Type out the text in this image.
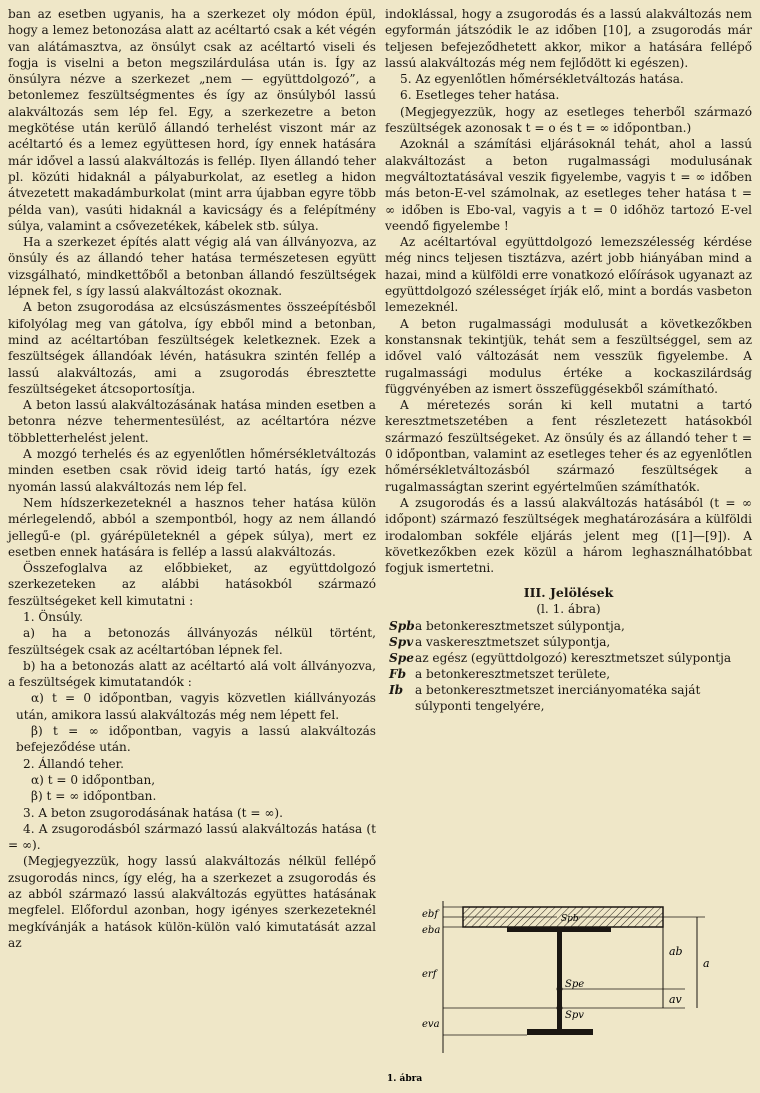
ban az esetben ugyanis, ha a szerkezet oly módon épül, hogy a lemez betonozása alatt az acéltartó csak a két végén van alátámasztva, az önsúlyt csak az acéltartó viseli és fogja is viselni a beton megszilárdulása után is. Így az önsúlyra nézve a szerkezet „nem — együttdolgozó”, a betonlemez feszültségmentes és így az önsúlyból lassú alakváltozás sem lép fel. Egy, a szerkezetre a beton megkötése után kerülő állandó terhelést viszont már az acéltartó és a lemez együttesen hord, így ennek hatására már idővel a lassú alakváltozás is fellép. Ilyen állandó teher pl. közúti hidaknál a pályaburkolat, az esetleg a hidon átvezetett makadámburkolat (mint arra újabban egyre több példa van), vasúti hidaknál a kavicságy és a felépítmény súlya, valamint a csővezetékek, kábelek stb. súlya.

Ha a szerkezet építés alatt végig alá van állványozva, az önsúly és az állandó teher hatása természetesen együtt vizsgálható, mindkettőből a betonban állandó feszültségek lépnek fel, s így lassú alakváltozást okoznak.

A beton zsugorodása az elcsúszásmentes összeépítésből kifolyólag meg van gátolva, így ebből mind a betonban, mind az acéltartóban feszültségek keletkeznek. Ezek a feszültségek állandóak lévén, hatásukra szintén fellép a lassú alakváltozás, ami a zsugorodás ébresztette feszültségeket átcsoportosítja.

A beton lassú alakváltozásának hatása minden esetben a betonra nézve tehermentesülést, az acéltartóra nézve többletterhelést jelent.

A mozgó terhelés és az egyenlőtlen hőmérsékletváltozás minden esetben csak rövid ideig tartó hatás, így ezek nyomán lassú alakváltozás nem lép fel.

Nem hídszerkezeteknél a hasznos teher hatása külön mérlegelendő, abból a szempontból, hogy az nem állandó jellegű-e (pl. gyárépületeknél a gépek súlya), mert ez esetben ennek hatására is fellép a lassú alakváltozás.

Összefoglalva az előbbieket, az együttdolgozó szerkezeteken az alábbi hatásokból származó feszültségeket kell kimutatni :

1. Önsúly.

a) ha a betonozás állványozás nélkül történt, feszültségek csak az acéltartóban lépnek fel.

b) ha a betonozás alatt az acéltartó alá volt állványozva, a feszültségek kimutatandók :

α) t = 0 időpontban, vagyis közvetlen kiállványozás után, amikora lassú alakváltozás még nem lépett fel.

β) t = ∞ időpontban, vagyis a lassú alakváltozás befejeződése után.

2. Állandó teher.

α) t = 0 időpontban,

β) t = ∞ időpontban.

3. A beton zsugorodásának hatása (t = ∞).

4. A zsugorodásból származó lassú alakváltozás hatása (t = ∞).

(Megjegyezzük, hogy lassú alakváltozás nélkül fellépő zsugorodás nincs, így elég, ha a szerkezet a zsugorodás és az abból származó lassú alakváltozás együttes hatásának megfelel. Előfordul azonban, hogy igényes szerkezeteknél megkívánják a hatások külön-külön való kimutatását azzal az

indoklással, hogy a zsugorodás és a lassú alakváltozás nem egyformán játszódik le az időben [10], a zsugorodás már teljesen befejeződhetett akkor, mikor a hatására fellépő lassú alakváltozás még nem fejlődött ki egészen).

5. Az egyenlőtlen hőmérsékletváltozás hatása.

6. Esetleges teher hatása.

(Megjegyezzük, hogy az esetleges teherből származó feszültségek azonosak t = o és t = ∞ időpontban.)

Azoknál a számítási eljárásoknál tehát, ahol a lassú alakváltozást a beton rugalmassági modulusának megváltoztatásával veszik figyelembe, vagyis t = ∞ időben más beton-E-vel számolnak, az esetleges teher hatása t = ∞ időben is Ebo-val, vagyis a t = 0 időhöz tartozó E-vel veendő figyelembe !

Az acéltartóval együttdolgozó lemezszélesség kérdése még nincs teljesen tisztázva, azért jobb hiányában mind a hazai, mind a külföldi erre vonatkozó előírások ugyanazt az együttdolgozó szélességet írják elő, mint a bordás vasbeton lemezeknél.

A beton rugalmassági modulusát a következőkben konstansnak tekintjük, tehát sem a feszültséggel, sem az idővel való változását nem vesszük figyelembe. A rugalmassági modulus értéke a kockaszilárdság függvényében az ismert összefüggésekből számítható.

A méretezés során ki kell mutatni a tartó keresztmetszetében a fent részletezett hatásokból származó feszültségeket. Az önsúly és az állandó teher t = 0 időpontban, valamint az esetleges teher és az egyenlőtlen hőmérsékletváltozásból származó feszültségek a rugalmasságtan szerint egyértelműen számíthatók.

A zsugorodás és a lassú alakváltozás hatásából (t = ∞ időpont) származó feszültségek meghatározására a külföldi irodalomban sokféle eljárás jelent meg ([1]—[9]). A következőkben ezek közül a három leghasználhatóbbat fogjuk ismertetni.

III. Jelölések
(l. 1. ábra)
Spb a betonkeresztmetszet súlypontja,
Spv a vaskeresztmetszet súlypontja,
Spe az egész (együttdolgozó) keresztmetszet súlypontja
Fb a betonkeresztmetszet területe,
Ib a betonkeresztmetszet inerciányomatéka saját súlyponti tengelyére,
ebf
eba
erf
eva
Spb
Spe
Spv
ab
a
av
1. ábra
